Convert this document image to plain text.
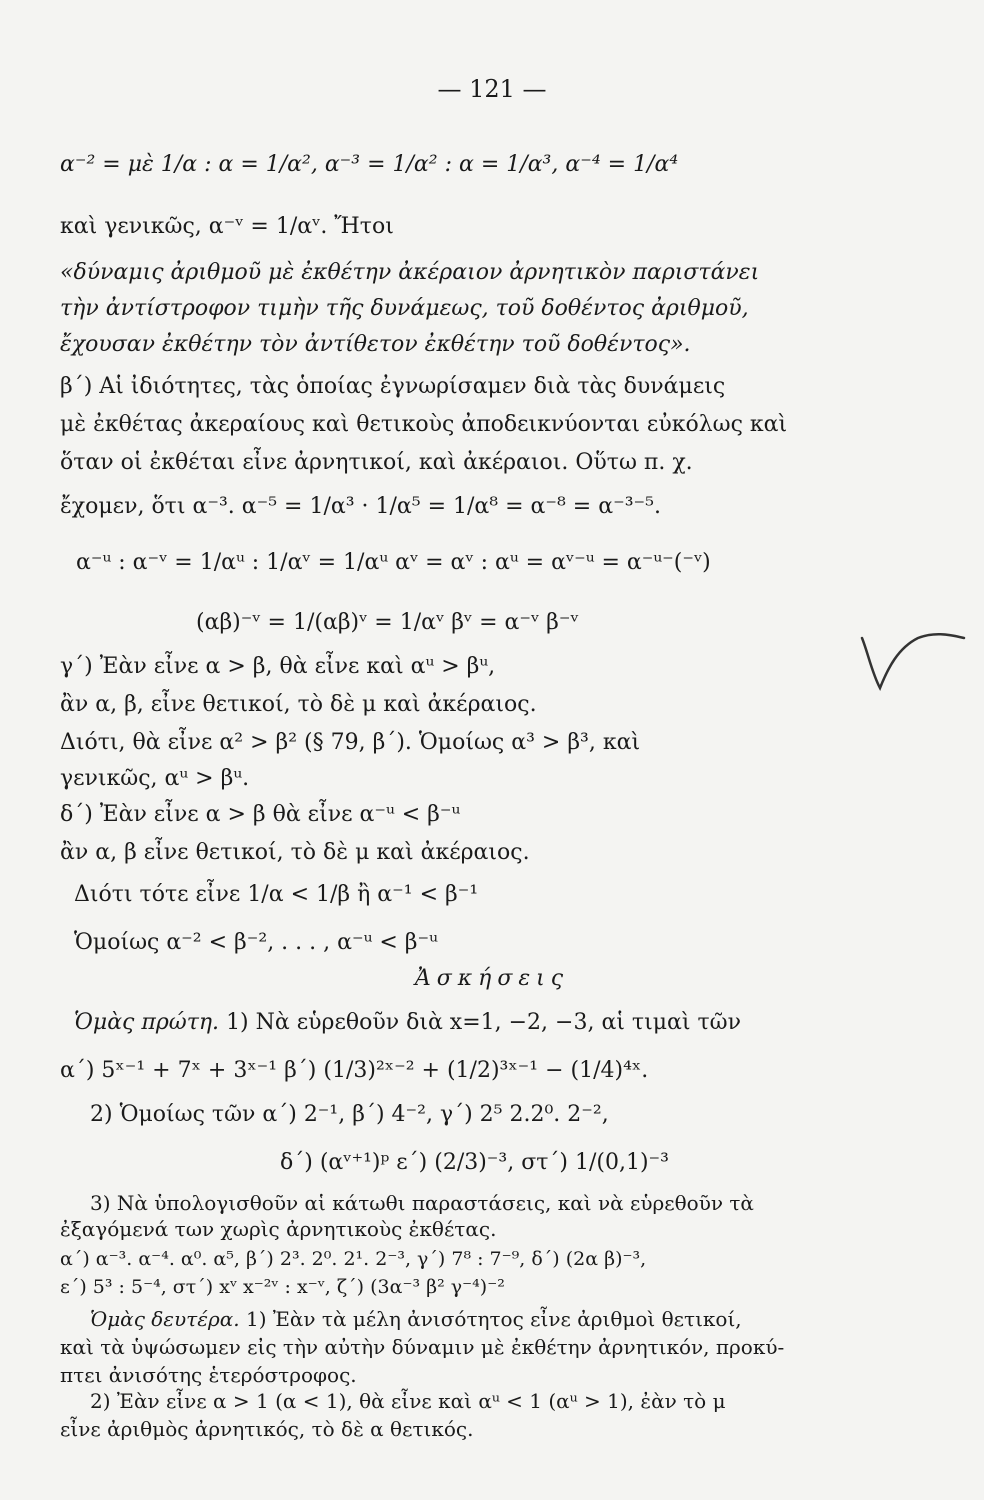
— 121 —
α⁻² = μὲ 1/α : α = 1/α², α⁻³ = 1/α² : α = 1/α³, α⁻⁴ = 1/α⁴
καὶ γενικῶς, α⁻ᵛ = 1/αᵛ. Ἤτοι
«δύναμις ἀριθμοῦ μὲ ἐκθέτην ἀκέραιον ἀρνητικὸν παριστάνει
τὴν ἀντίστροφον τιμὴν τῆς δυνάμεως, τοῦ δοθέντος ἀριθμοῦ,
ἔχουσαν ἐκθέτην τὸν ἀντίθετον ἐκθέτην τοῦ δοθέντος».
β΄) Αἱ ἰδιότητες, τὰς ὁποίας ἐγνωρίσαμεν διὰ τὰς δυνάμεις
μὲ ἐκθέτας ἀκεραίους καὶ θετικοὺς ἀποδεικνύονται εὐκόλως καὶ
ὅταν οἱ ἐκθέται εἶνε ἀρνητικοί, καὶ ἀκέραιοι. Οὕτω π. χ.
ἔχομεν, ὅτι α⁻³. α⁻⁵ = 1/α³ · 1/α⁵ = 1/α⁸ = α⁻⁸ = α⁻³⁻⁵.
α⁻ᵘ : α⁻ᵛ = 1/αᵘ : 1/αᵛ = 1/αᵘ αᵛ = αᵛ : αᵘ = αᵛ⁻ᵘ = α⁻ᵘ⁻(⁻ᵛ)
(αβ)⁻ᵛ = 1/(αβ)ᵛ = 1/αᵛ βᵛ = α⁻ᵛ β⁻ᵛ
γ΄) Ἐὰν εἶνε α > β, θὰ εἶνε καὶ αᵘ > βᵘ,
ἂν α, β, εἶνε θετικοί, τὸ δὲ μ καὶ ἀκέραιος.
Διότι, θὰ εἶνε α² > β² (§ 79, β΄). Ὁμοίως α³ > β³, καὶ
γενικῶς, αᵘ > βᵘ.
δ΄) Ἐὰν εἶνε α > β θὰ εἶνε α⁻ᵘ < β⁻ᵘ
ἂν α, β εἶνε θετικοί, τὸ δὲ μ καὶ ἀκέραιος.
Διότι τότε εἶνε 1/α < 1/β ἢ α⁻¹ < β⁻¹
Ὁμοίως α⁻² < β⁻², . . . , α⁻ᵘ < β⁻ᵘ
Ἀσκήσεις
Ὁμὰς πρώτη. 1) Νὰ εὑρεθοῦν διὰ x=1, −2, −3, αἱ τιμαὶ τῶν
α΄) 5ˣ⁻¹ + 7ˣ + 3ˣ⁻¹ β΄) (1/3)²ˣ⁻² + (1/2)³ˣ⁻¹ − (1/4)⁴ˣ.
2) Ὁμοίως τῶν α΄) 2⁻¹, β΄) 4⁻², γ΄) 2⁵ 2.2⁰. 2⁻²,
δ΄) (αᵛ⁺¹)ᵖ ε΄) (2/3)⁻³, στ΄) 1/(0,1)⁻³
3) Νὰ ὑπολογισθοῦν αἱ κάτωθι παραστάσεις, καὶ νὰ εὑρεθοῦν τὰ
ἐξαγόμενά των χωρὶς ἀρνητικοὺς ἐκθέτας.
α΄) α⁻³. α⁻⁴. α⁰. α⁵, β΄) 2³. 2⁰. 2¹. 2⁻³, γ΄) 7⁸ : 7⁻⁹, δ΄) (2α β)⁻³,
ε΄) 5³ : 5⁻⁴, στ΄) xᵛ x⁻²ᵛ : x⁻ᵛ, ζ΄) (3α⁻³ β² γ⁻⁴)⁻²
Ὁμὰς δευτέρα. 1) Ἐὰν τὰ μέλη ἀνισότητος εἶνε ἀριθμοὶ θετικοί,
καὶ τὰ ὑψώσωμεν εἰς τὴν αὐτὴν δύναμιν μὲ ἐκθέτην ἀρνητικόν, προκύ-
πτει ἀνισότης ἑτερόστροφος.
2) Ἐὰν εἶνε α > 1 (α < 1), θὰ εἶνε καὶ αᵘ < 1 (αᵘ > 1), ἐὰν τὸ μ
εἶνε ἀριθμὸς ἀρνητικός, τὸ δὲ α θετικός.
